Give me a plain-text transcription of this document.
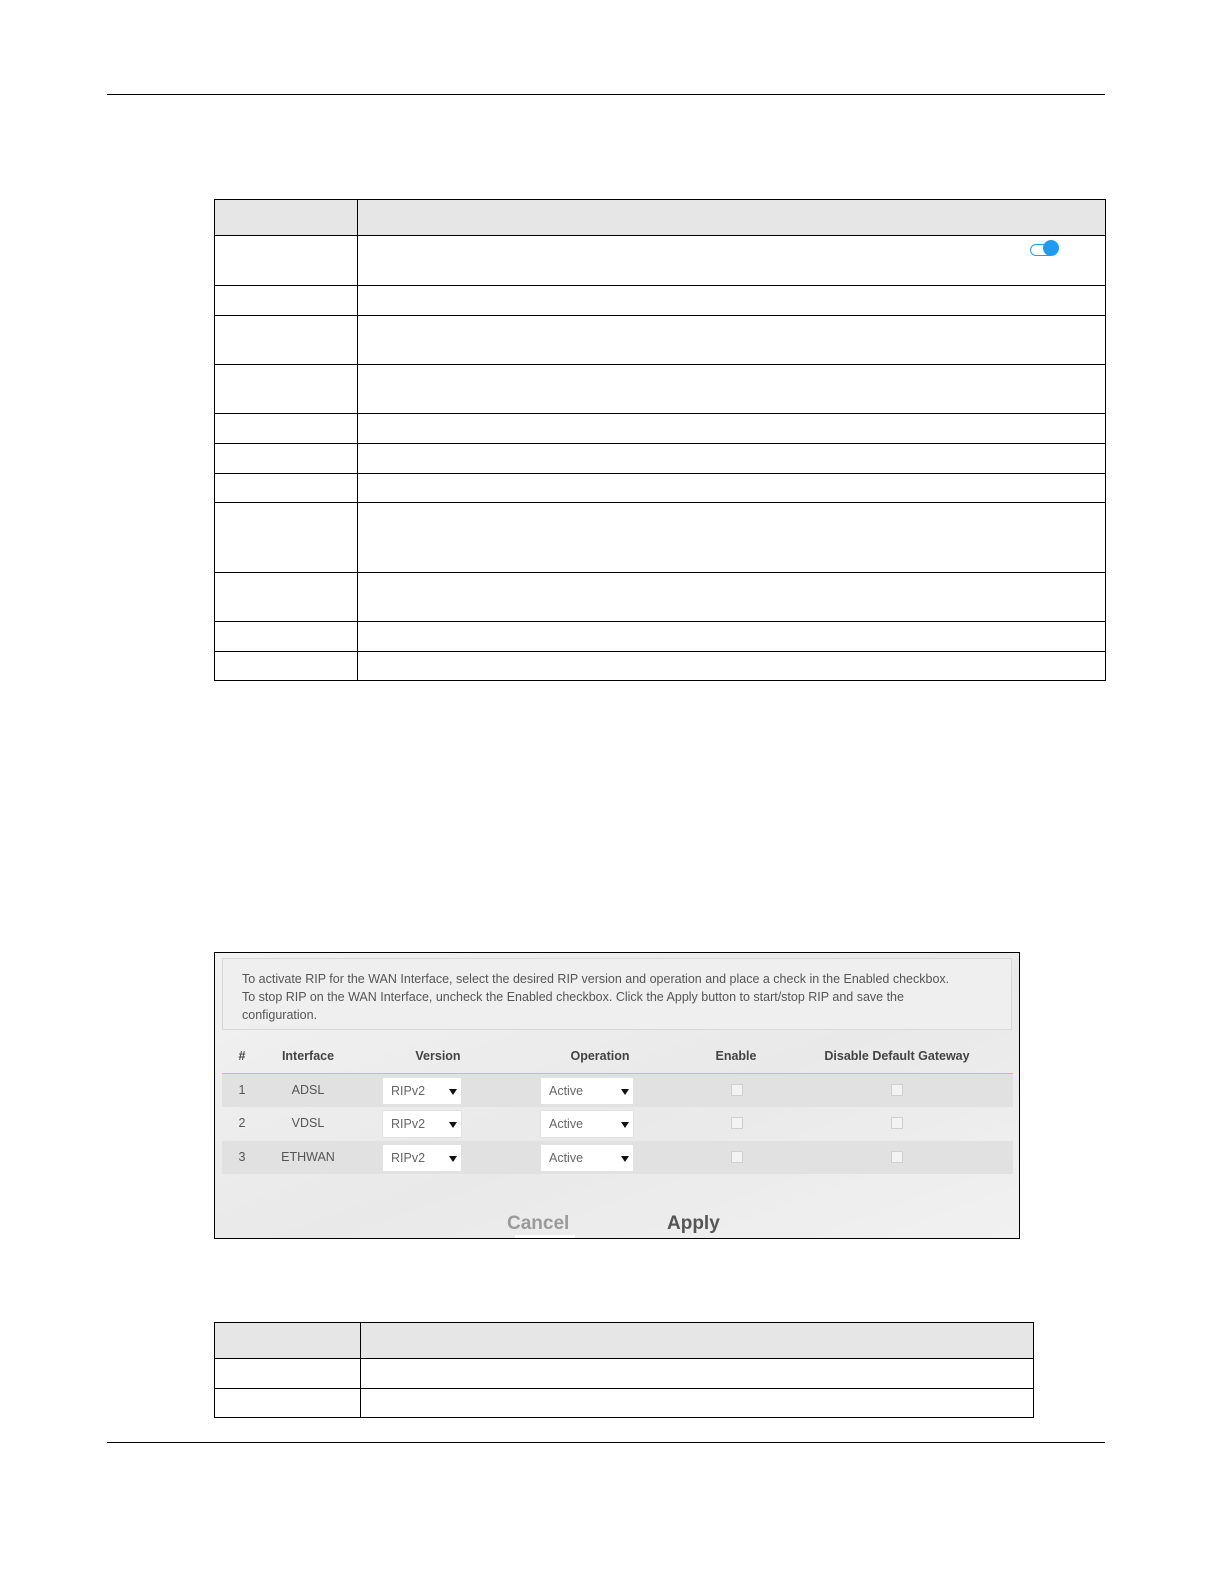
To activate RIP for the WAN Interface, select the desired RIP version and operation and place a check in the Enabled checkbox.
To stop RIP on the WAN Interface, uncheck the Enabled checkbox. Click the Apply button to start/stop RIP and save the
configuration.
#	Interface	Version	Operation	Enable	Disable Default Gateway
1	ADSL	RIPv2	Active
2	VDSL	RIPv2	Active
3	ETHWAN	RIPv2	Active
Cancel	Apply
